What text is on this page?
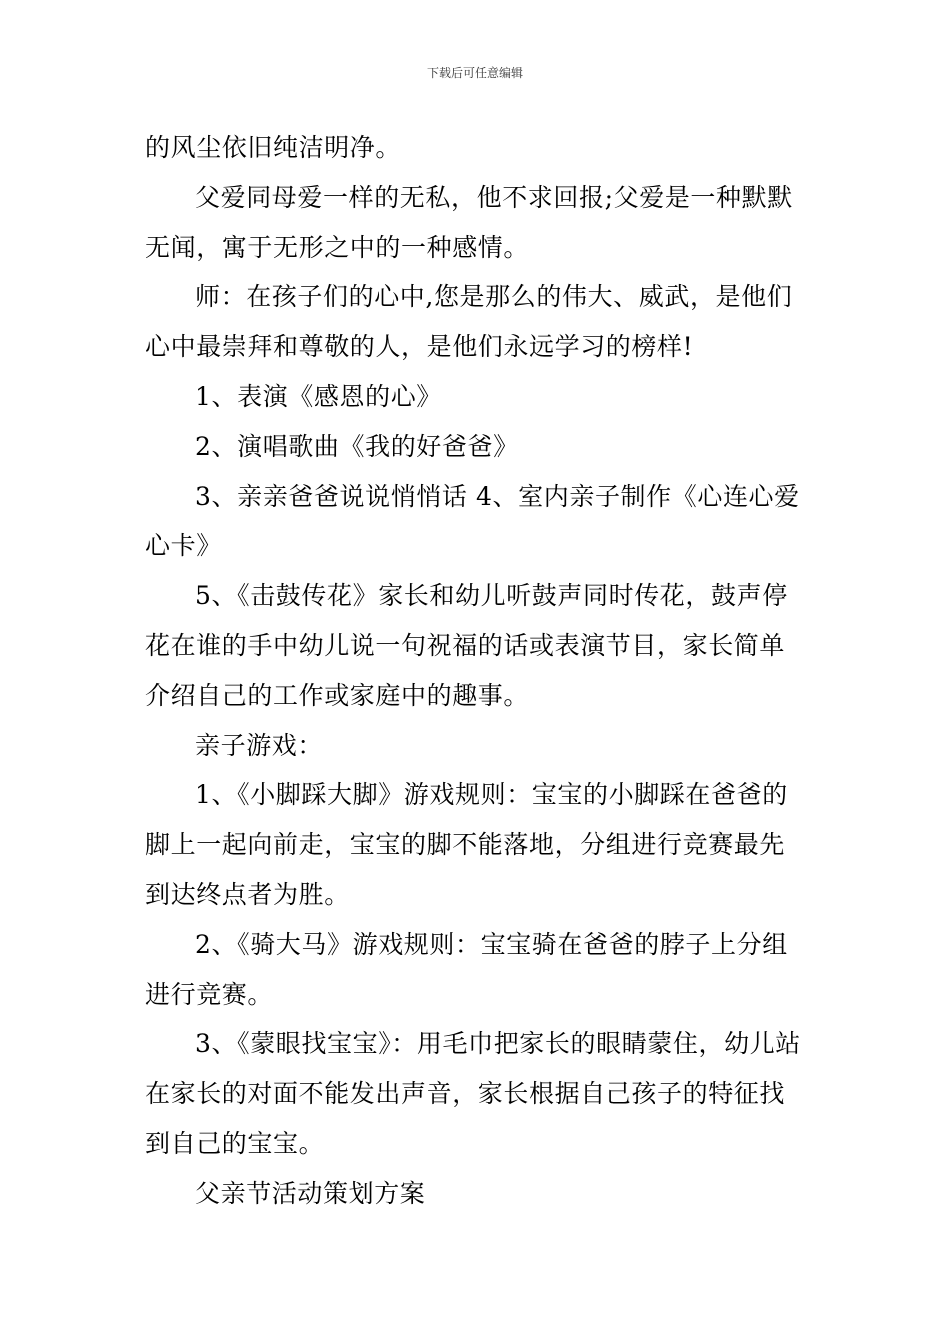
下载后可任意编辑

的风尘依旧纯洁明净。

父爱同母爱一样的无私，他不求回报;父爱是一种默默无闻，寓于无形之中的一种感情。

师：在孩子们的心中,您是那么的伟大、威武，是他们心中最崇拜和尊敬的人，是他们永远学习的榜样!

1、表演《感恩的心》

2、演唱歌曲《我的好爸爸》

3、亲亲爸爸说说悄悄话 4、室内亲子制作《心连心爱心卡》

5、《击鼓传花》家长和幼儿听鼓声同时传花，鼓声停花在谁的手中幼儿说一句祝福的话或表演节目，家长简单介绍自己的工作或家庭中的趣事。

亲子游戏：

1、《小脚踩大脚》游戏规则：宝宝的小脚踩在爸爸的脚上一起向前走，宝宝的脚不能落地，分组进行竞赛最先到达终点者为胜。

2、《骑大马》游戏规则：宝宝骑在爸爸的脖子上分组进行竞赛。

3、《蒙眼找宝宝》：用毛巾把家长的眼睛蒙住，幼儿站在家长的对面不能发出声音，家长根据自己孩子的特征找到自己的宝宝。

父亲节活动策划方案
